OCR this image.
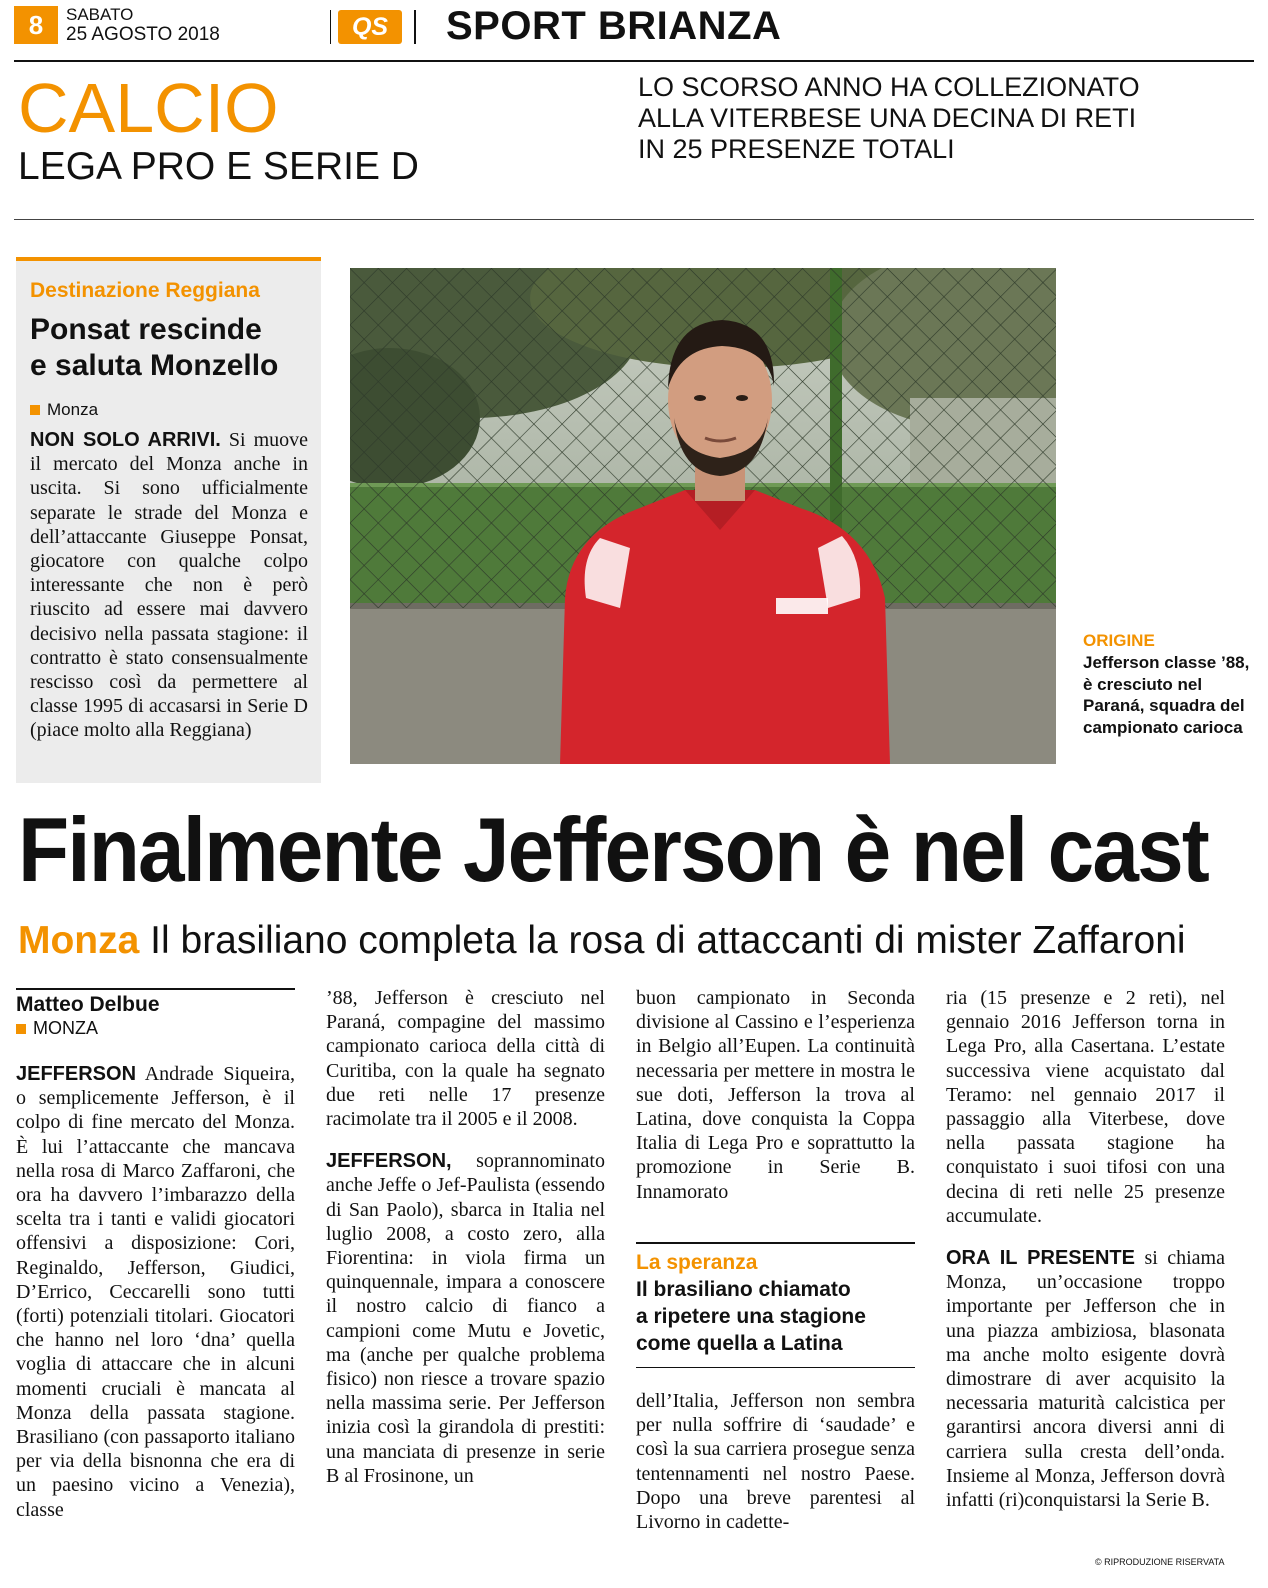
8	SABATO
25 AGOSTO 2018	QS	SPORT BRIANZA
CALCIO
LEGA PRO E SERIE D
LO SCORSO ANNO HA COLLEZIONATO
ALLA VITERBESE UNA DECINA DI RETI
IN 25 PRESENZE TOTALI
Destinazione Reggiana
Ponsat rescinde
e saluta Monzello
Monza
NON SOLO ARRIVI. Si muove il mercato del Monza anche in uscita. Si sono ufficialmente separate le strade del Monza e dell’attaccante Giuseppe Ponsat, giocatore con qualche colpo interessante che non è però riuscito ad essere mai davvero decisivo nella passata stagione: il contratto è stato consensualmente rescisso così da permettere al classe 1995 di accasarsi in Serie D (piace molto alla Reggiana)
ORIGINE
Jefferson classe ’88, è cresciuto nel Paraná, squadra del campionato carioca
Finalmente Jefferson è nel cast
Monza Il brasiliano completa la rosa di attaccanti di mister Zaffaroni
Matteo Delbue
MONZA

JEFFERSON Andrade Siqueira, o semplicemente Jefferson, è il colpo di fine mercato del Monza. È lui l’attaccante che mancava nella rosa di Marco Zaffaroni, che ora ha davvero l’imbarazzo della scelta tra i tanti e validi giocatori offensivi a disposizione: Cori, Reginaldo, Jefferson, Giudici, D’Errico, Ceccarelli sono tutti (forti) potenziali titolari. Giocatori che hanno nel loro ‘dna’ quella voglia di attaccare che in alcuni momenti cruciali è mancata al Monza della passata stagione. Brasiliano (con passaporto italiano per via della bisnonna che era di un paesino vicino a Venezia), classe

’88, Jefferson è cresciuto nel Paraná, compagine del massimo campionato carioca della città di Curitiba, con la quale ha segnato due reti nelle 17 presenze racimolate tra il 2005 e il 2008.

JEFFERSON, soprannominato anche Jeffe o Jef-Paulista (essendo di San Paolo), sbarca in Italia nel luglio 2008, a costo zero, alla Fiorentina: in viola firma un quinquennale, impara a conoscere il nostro calcio di fianco a campioni come Mutu e Jovetic, ma (anche per qualche problema fisico) non riesce a trovare spazio nella massima serie. Per Jefferson inizia così la girandola di prestiti: una manciata di presenze in serie B al Frosinone, un

buon campionato in Seconda divisione al Cassino e l’esperienza in Belgio all’Eupen. La continuità necessaria per mettere in mostra le sue doti, Jefferson la trova al Latina, dove conquista la Coppa Italia di Lega Pro e soprattutto la promozione in Serie B. Innamorato

La speranza
Il brasiliano chiamato
a ripetere una stagione
come quella a Latina

dell’Italia, Jefferson non sembra per nulla soffrire di ‘saudade’ e così la sua carriera prosegue senza tentennamenti nel nostro Paese. Dopo una breve parentesi al Livorno in cadette-

ria (15 presenze e 2 reti), nel gennaio 2016 Jefferson torna in Lega Pro, alla Casertana. L’estate successiva viene acquistato dal Teramo: nel gennaio 2017 il passaggio alla Viterbese, dove nella passata stagione ha conquistato i suoi tifosi con una decina di reti nelle 25 presenze accumulate.

ORA IL PRESENTE si chiama Monza, un’occasione troppo importante per Jefferson che in una piazza ambiziosa, blasonata ma anche molto esigente dovrà dimostrare di aver acquisito la necessaria maturità calcistica per garantirsi ancora diversi anni di carriera sulla cresta dell’onda. Insieme al Monza, Jefferson dovrà infatti (ri)conquistarsi la Serie B.

© RIPRODUZIONE RISERVATA
